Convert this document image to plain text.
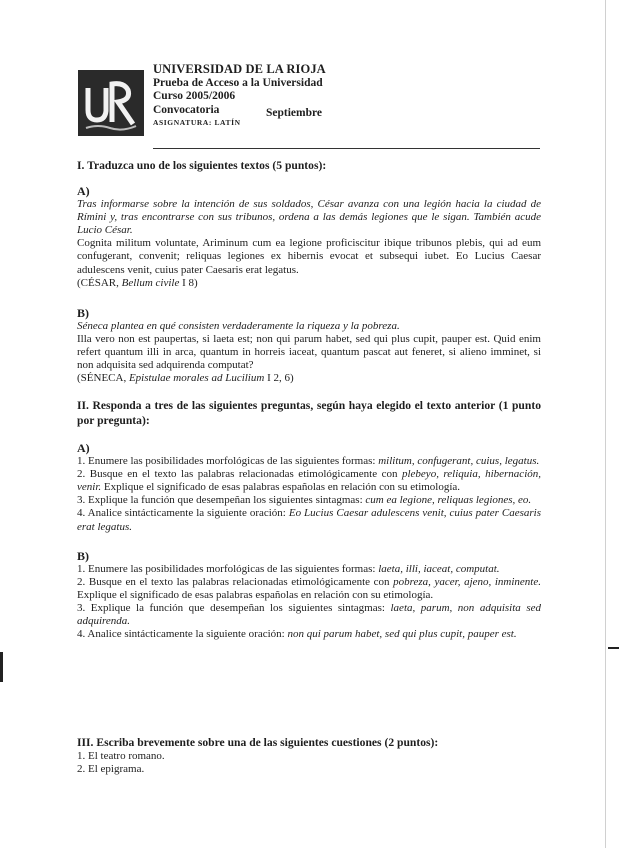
UNIVERSIDAD DE LA RIOJA
Prueba de Acceso a la Universidad
Curso 2005/2006
Convocatoria
ASIGNATURA: LATÍN
Septiembre

I. Traduzca uno de los siguientes textos (5 puntos):

A)

Tras informarse sobre la intención de sus soldados, César avanza con una legión hacia la ciudad de Rímini y, tras encontrarse con sus tribunos, ordena a las demás legiones que le sigan. También acude Lucio César.

Cognita militum voluntate, Ariminum cum ea legione proficiscitur ibique tribunos plebis, qui ad eum confugerant, convenit; reliquas legiones ex hibernis evocat et subsequi iubet. Eo Lucius Caesar adulescens venit, cuius pater Caesaris erat legatus.

(CÉSAR, Bellum civile I 8)

B)

Séneca plantea en qué consisten verdaderamente la riqueza y la pobreza.

Illa vero non est paupertas, si laeta est; non qui parum habet, sed qui plus cupit, pauper est. Quid enim refert quantum illi in arca, quantum in horreis iaceat, quantum pascat aut feneret, si alieno imminet, si non adquisita sed adquirenda computat?

(SÉNECA, Epistulae morales ad Lucilium I 2, 6)

II. Responda a tres de las siguientes preguntas, según haya elegido el texto anterior (1 punto por pregunta):

A)

1. Enumere las posibilidades morfológicas de las siguientes formas: militum, confugerant, cuius, legatus.

2. Busque en el texto las palabras relacionadas etimológicamente con plebeyo, reliquia, hibernación, venir. Explique el significado de esas palabras españolas en relación con su etimología.

3. Explique la función que desempeñan los siguientes sintagmas: cum ea legione, reliquas legiones, eo.

4. Analice sintácticamente la siguiente oración: Eo Lucius Caesar adulescens venit, cuius pater Caesaris erat legatus.

B)

1. Enumere las posibilidades morfológicas de las siguientes formas: laeta, illi, iaceat, computat.

2. Busque en el texto las palabras relacionadas etimológicamente con pobreza, yacer, ajeno, inminente. Explique el significado de esas palabras españolas en relación con su etimología.

3. Explique la función que desempeñan los siguientes sintagmas: laeta, parum, non adquisita sed adquirenda.

4. Analice sintácticamente la siguiente oración: non qui parum habet, sed qui plus cupit, pauper est.

III. Escriba brevemente sobre una de las siguientes cuestiones (2 puntos):

1. El teatro romano.

2. El epigrama.
